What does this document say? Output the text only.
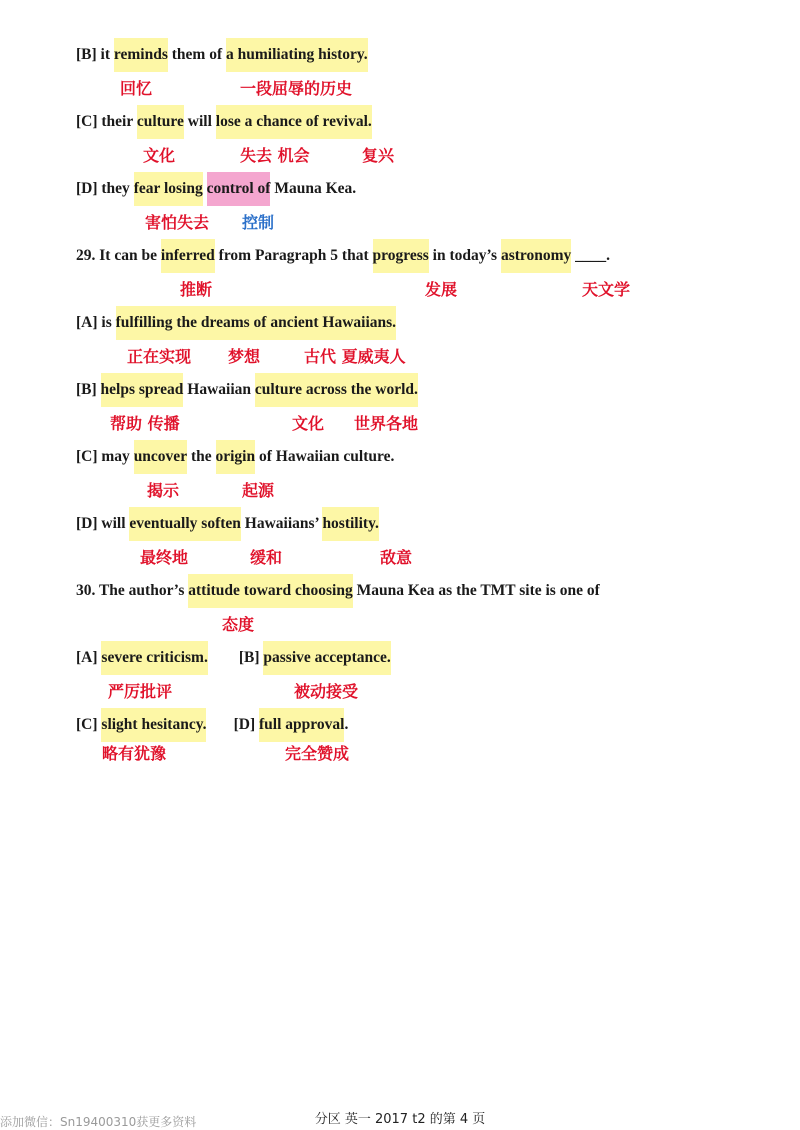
[B] it reminds them of a humiliating history.
[C] their culture will lose a chance of revival.
[D] they fear losing control of Mauna Kea.
29. It can be inferred from Paragraph 5 that progress in today’s astronomy ____.
[A] is fulfilling the dreams of ancient Hawaiians.
[B] helps spread Hawaiian culture across the world.
[C] may uncover the origin of Hawaiian culture.
[D] will eventually soften Hawaiians’ hostility.
30. The author’s attitude toward choosing Mauna Kea as the TMT site is one of
[A] severe criticism.        [B] passive acceptance.
[C] slight hesitancy.       [D] full approval.
回忆	一段屈辱的历史
文化	失去 机会	复兴
害怕失去 控制
推断	发展	天文学
正在实现 梦想	古代 夏威夷人
帮助 传播	文化 世界各地
揭示	起源
最终地	缓和	敌意
态度
严厉批评	被动接受
略有犹豫	完全赞成
分区 英一 2017 t2 的第 4 页
添加微信：Sn19400310获更多资料
